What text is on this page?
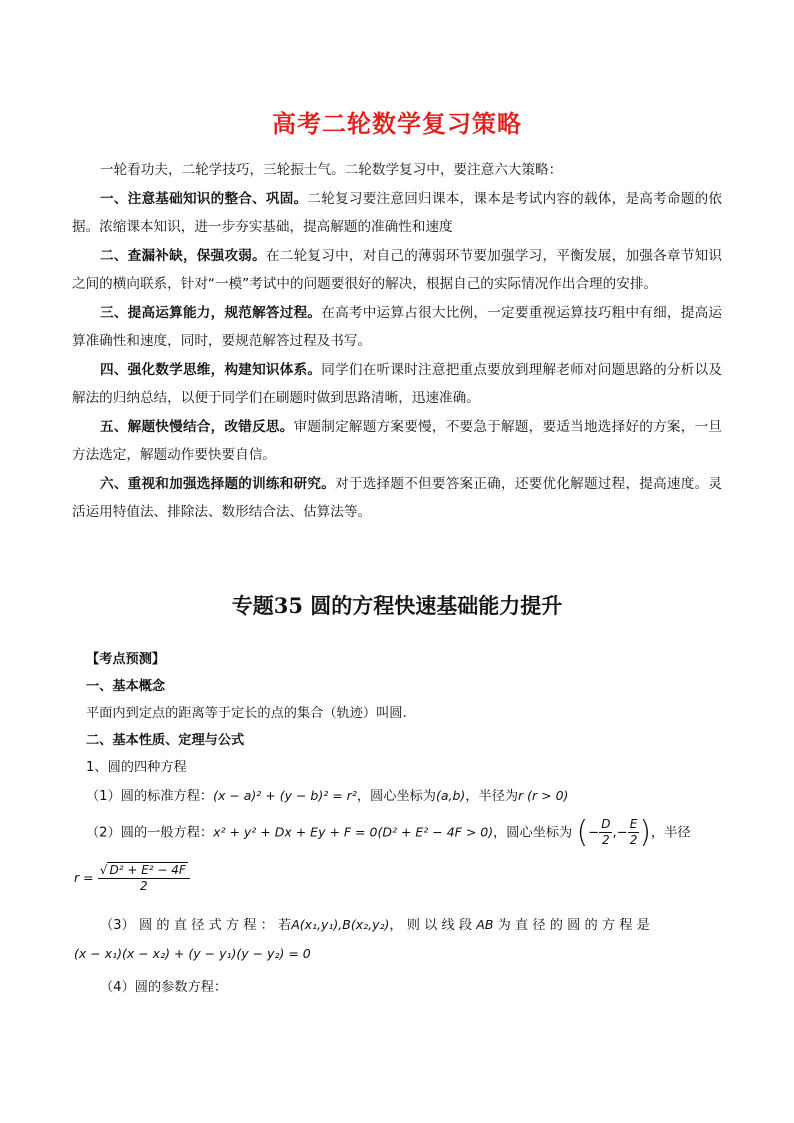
高考二轮数学复习策略

一轮看功夫，二轮学技巧，三轮振士气。二轮数学复习中，要注意六大策略：

一、注意基础知识的整合、巩固。二轮复习要注意回归课本，课本是考试内容的载体，是高考命题的依据。浓缩课本知识，进一步夯实基础，提高解题的准确性和速度

二、查漏补缺，保强攻弱。在二轮复习中，对自己的薄弱环节要加强学习，平衡发展，加强各章节知识之间的横向联系，针对“一模”考试中的问题要很好的解决，根据自己的实际情况作出合理的安排。

三、提高运算能力，规范解答过程。在高考中运算占很大比例，一定要重视运算技巧粗中有细，提高运算准确性和速度，同时，要规范解答过程及书写。

四、强化数学思维，构建知识体系。同学们在听课时注意把重点要放到理解老师对问题思路的分析以及解法的归纳总结，以便于同学们在刷题时做到思路清晰，迅速准确。

五、解题快慢结合，改错反思。审题制定解题方案要慢，不要急于解题，要适当地选择好的方案，一旦方法选定，解题动作要快要自信。

六、重视和加强选择题的训练和研究。对于选择题不但要答案正确，还要优化解题过程，提高速度。灵活运用特值法、排除法、数形结合法、估算法等。

专题35 圆的方程快速基础能力提升
【考点预测】
一、基本概念
平面内到定点的距离等于定长的点的集合（轨迹）叫圆.
二、基本性质、定理与公式
1、圆的四种方程
（1）圆的标准方程：(x − a)² + (y − b)² = r²，圆心坐标为(a,b)，半径为r (r > 0)
（2）圆的一般方程：x² + y² + Dx + Ey + F = 0(D² + E² − 4F > 0)，圆心坐标为 (− $\frac{D}{2}$ ,− $\frac{E}{2}$ )，半径
$r = \frac{\text{√ D² + E² − 4F}}{2}$
（3） 圆 的 直 径 式 方 程 ： 若A(x₁,y₁),B(x₂,y₂)， 则 以 线 段 AB 为 直 径 的 圆 的 方 程 是
(x − x₁)(x − x₂) + (y − y₁)(y − y₂) = 0
（4）圆的参数方程：
